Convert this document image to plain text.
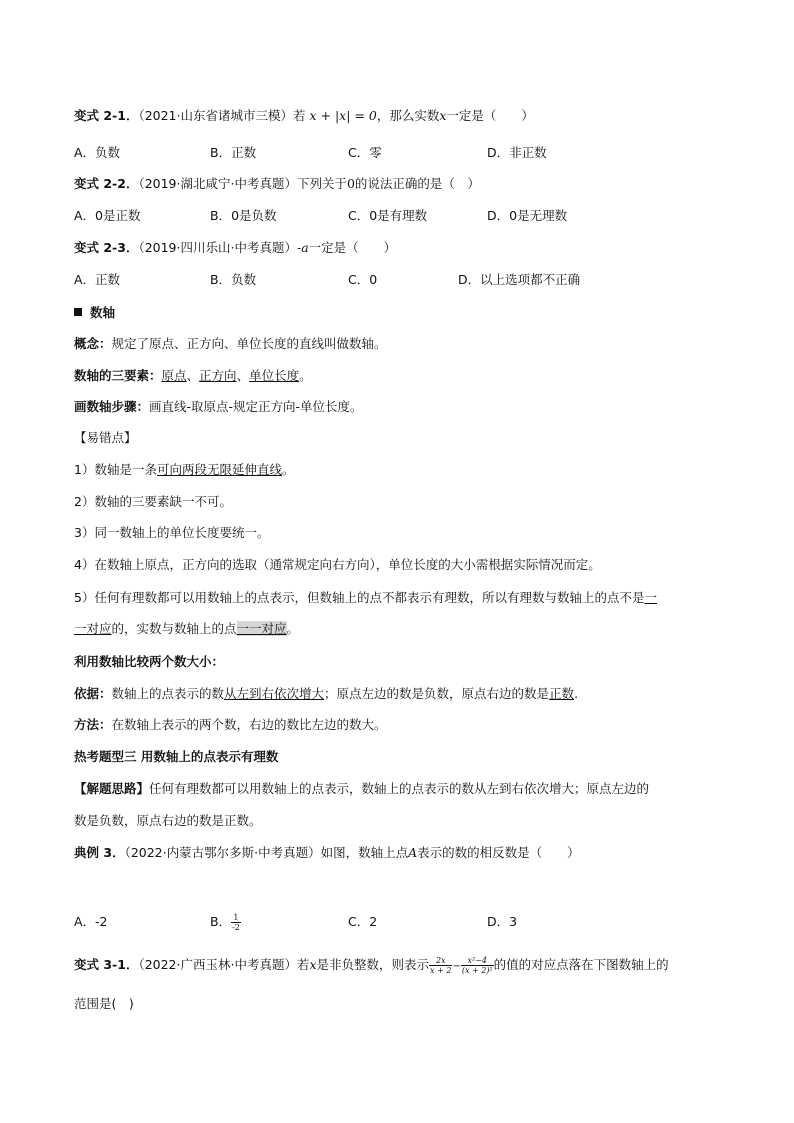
变式 2-1．（2021·山东省诸城市三模）若 x + |x| = 0，那么实数x一定是（　　）
A．负数	B．正数	C．零	D．非正数
变式 2-2．（2019·湖北咸宁·中考真题）下列关于0的说法正确的是（　）
A．0是正数	B．0是负数	C．0是有理数	D．0是无理数
变式 2-3．（2019·四川乐山·中考真题）-a一定是（　　）
A．正数	B．负数	C．0	D．以上选项都不正确
数轴
概念：规定了原点、正方向、单位长度的直线叫做数轴。
数轴的三要素：原点、正方向、单位长度。
画数轴步骤：画直线-取原点-规定正方向-单位长度。
【易错点】
1）数轴是一条可向两段无限延伸直线。
2）数轴的三要素缺一不可。
3）同一数轴上的单位长度要统一。
4）在数轴上原点，正方向的选取（通常规定向右方向），单位长度的大小需根据实际情况而定。
5）任何有理数都可以用数轴上的点表示，但数轴上的点不都表示有理数，所以有理数与数轴上的点不是一
一对应的，实数与数轴上的点一一对应。
利用数轴比较两个数大小：
依据：数轴上的点表示的数从左到右依次增大；原点左边的数是负数，原点右边的数是正数.
方法：在数轴上表示的两个数，右边的数比左边的数大。
热考题型三 用数轴上的点表示有理数
【解题思路】任何有理数都可以用数轴上的点表示，数轴上的点表示的数从左到右依次增大；原点左边的
数是负数，原点右边的数是正数。
典例 3．（2022·内蒙古鄂尔多斯·中考真题）如图，数轴上点A表示的数的相反数是（　　）
A．-2	B． $\frac{1}{-2}$	C．2	D．3
变式 3-1．（2022·广西玉林·中考真题）若x是非负整数，则表示 $\frac{2x}{x + 2} - \frac{\text{x²−4}}{\text{(x + 2)²}}$ 的值的对应点落在下图数轴上的
范围是(　)
